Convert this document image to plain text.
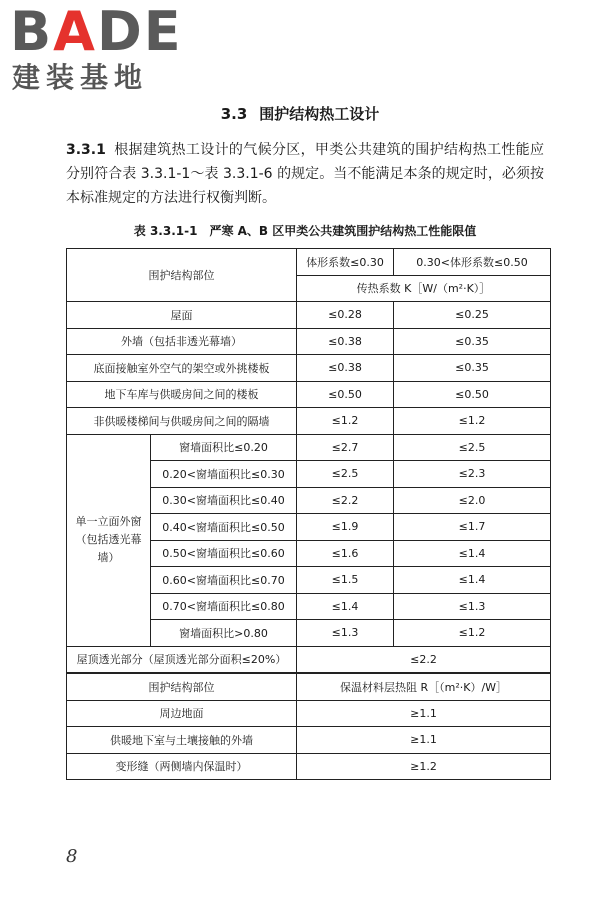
BADE
建装基地
3.3 围护结构热工设计
3.3.1 根据建筑热工设计的气候分区，甲类公共建筑的围护结构热工性能应分别符合表 3.3.1-1～表 3.3.1-6 的规定。当不能满足本条的规定时，必须按本标准规定的方法进行权衡判断。
表 3.3.1-1　严寒 A、B 区甲类公共建筑围护结构热工性能限值
围护结构部位		体形系数≤0.30	0.30<体形系数≤0.50
		传热系数 K［W/（m²·K）］	
屋面		≤0.28	≤0.25
外墙（包括非透光幕墙）		≤0.38	≤0.35
底面接触室外空气的架空或外挑楼板		≤0.38	≤0.35
地下车库与供暖房间之间的楼板		≤0.50	≤0.50
非供暖楼梯间与供暖房间之间的隔墙		≤1.2	≤1.2
单一立面外窗（包括透光幕墙）	窗墙面积比≤0.20	≤2.7	≤2.5
	0.20<窗墙面积比≤0.30	≤2.5	≤2.3
	0.30<窗墙面积比≤0.40	≤2.2	≤2.0
	0.40<窗墙面积比≤0.50	≤1.9	≤1.7
	0.50<窗墙面积比≤0.60	≤1.6	≤1.4
	0.60<窗墙面积比≤0.70	≤1.5	≤1.4
	0.70<窗墙面积比≤0.80	≤1.4	≤1.3
	窗墙面积比>0.80	≤1.3	≤1.2
屋顶透光部分（屋顶透光部分面积≤20%）		≤2.2	
围护结构部位		保温材料层热阻 R［（m²·K）/W］	
周边地面		≥1.1	
供暖地下室与土壤接触的外墙		≥1.1	
变形缝（两侧墙内保温时）		≥1.2	
8
